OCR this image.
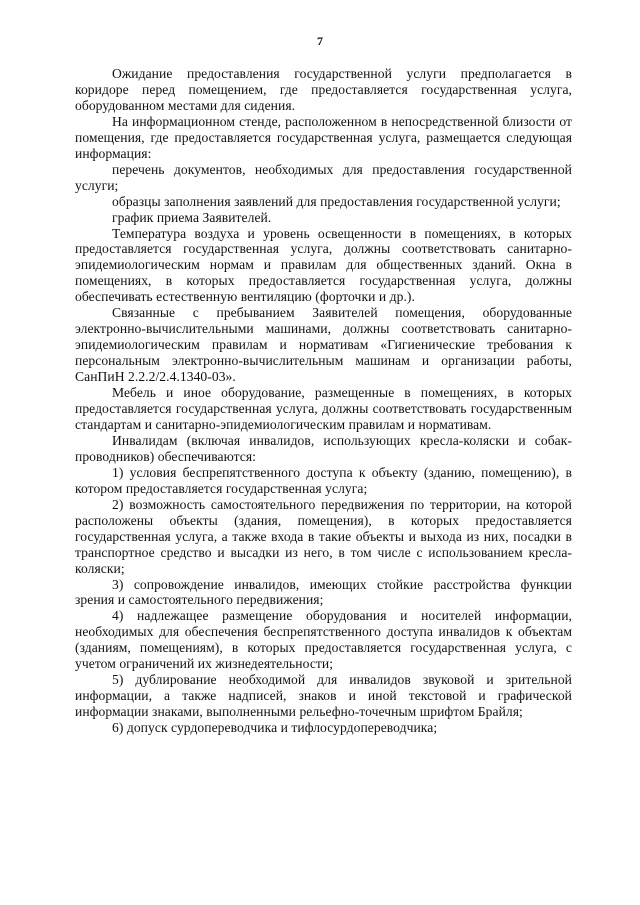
7

Ожидание предоставления государственной услуги предполагается в коридоре перед помещением, где предоставляется государственная услуга, оборудованном местами для сидения.

На информационном стенде, расположенном в непосредственной близости от помещения, где предоставляется государственная услуга, размещается следующая информация:

перечень документов, необходимых для предоставления государственной услуги;

образцы заполнения заявлений для предоставления государственной услуги;

график приема Заявителей.

Температура воздуха и уровень освещенности в помещениях, в которых предоставляется государственная услуга, должны соответствовать санитарно-эпидемиологическим нормам и правилам для общественных зданий. Окна в помещениях, в которых предоставляется государственная услуга, должны обеспечивать естественную вентиляцию (форточки и др.).

Связанные с пребыванием Заявителей помещения, оборудованные электронно-вычислительными машинами, должны соответствовать санитарно-эпидемиологическим правилам и нормативам «Гигиенические требования к персональным электронно-вычислительным машинам и организации работы, СанПиН 2.2.2/2.4.1340-03».

Мебель и иное оборудование, размещенные в помещениях, в которых предоставляется государственная услуга, должны соответствовать государственным стандартам и санитарно-эпидемиологическим правилам и нормативам.

Инвалидам (включая инвалидов, использующих кресла-коляски и собак-проводников) обеспечиваются:

1) условия беспрепятственного доступа к объекту (зданию, помещению), в котором предоставляется государственная услуга;

2) возможность самостоятельного передвижения по территории, на которой расположены объекты (здания, помещения), в которых предоставляется государственная услуга, а также входа в такие объекты и выхода из них, посадки в транспортное средство и высадки из него, в том числе с использованием кресла-коляски;

3) сопровождение инвалидов, имеющих стойкие расстройства функции зрения и самостоятельного передвижения;

4) надлежащее размещение оборудования и носителей информации, необходимых для обеспечения беспрепятственного доступа инвалидов к объектам (зданиям, помещениям), в которых предоставляется государственная услуга, с учетом ограничений их жизнедеятельности;

5) дублирование необходимой для инвалидов звуковой и зрительной информации, а также надписей, знаков и иной текстовой и графической информации знаками, выполненными рельефно-точечным шрифтом Брайля;

6) допуск сурдопереводчика и тифлосурдопереводчика;
